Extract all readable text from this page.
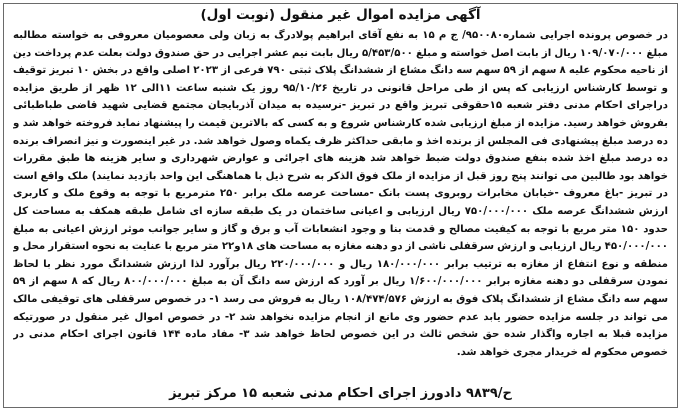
آگهی مزایده اموال غیر منقول (نوبت اول)

در خصوص پرونده اجرایی شماره۹۵۰۰۸۰/ ج م ۱۵ به نفع آقای ابراهیم پولادرگ به زبان ولی معصومیان معروفی به خواسته مطالبه مبلغ ۱۰۹/۰۷۰/۰۰۰ ریال از بابت اصل خواسته و مبلغ ۵/۴۵۳/۵۰۰ ریال بابت نیم عشر اجرایی در حق صندوق دولت بعلت عدم پرداخت دین از ناحیه محکوم علیه ۸ سهم از ۵۹ سهم سه دانگ مشاع از ششدانگ پلاک ثبتی ۷۹۰ فرعی از ۲۰۲۳ اصلی واقع در بخش ۱۰ تبریز توقیف و توسط کارشناس ارزیابی که پس از طی مراحل قانونی در تاریخ ۹۵/۱۰/۲۶ روز یک شنبه ساعت ۱۱الی ۱۲ ظهر از طریق مزایده دراجرای احکام مدنی دفتر شعبه ۱۵حقوقی تبریز واقع در تبریز -نرسیده به میدان آذربایجان مجتمع قضایی شهید قاضی طباطبائی بفروش خواهد رسید. مزایده از مبلغ ارزیابی شده کارشناس شروع و به کسی که بالاترین قیمت را پیشنهاد نماید فروخته خواهد شد و ده درصد مبلغ پیشنهادی فی المجلس از برنده اخذ و مابقی حداکثر ظرف یکماه وصول خواهد شد. در غیر اینصورت و نیز انصراف برنده ده درصد مبلغ اخذ شده بنفع صندوق دولت ضبط خواهد شد هزینه های اجرائی و عوارض شهرداری و سایر هزینه ها طبق مقررات خواهد بود طالبین می توانند پنج روز قبل از مزایده از ملک فوق الذکر به شرح ذیل با هماهنگی این واحد بازدید نمایند) ملک واقع است در تبریز -باغ معروف -خیابان مخابرات روبروی پست بانک -مساحت عرصه ملک برابر ۲۵۰ مترمربع با توجه به وقوع ملک و کاربری ارزش ششدانگ عرصه ملک ۷۵۰/۰۰۰/۰۰۰ ریال ارزیابی و اعیانی ساختمان در یک طبقه سازه ای شامل طبقه همکف به مساحت کل حدود ۱۵۰ متر مربع با توجه به کیفیت مصالح و قدمت بنا و وجود انشعابات آب و برق و گاز و سایر جوانب موثر ارزش اعیانی به مبلغ ۴۵۰/۰۰۰/۰۰۰ ریال ارزیابی و ارزش سرقفلی ناشی از دو دهنه مغازه به مساحت های ۱۸و۲۲ متر مربع با عنایت به نحوه استقرار محل و منطقه و نوع انتفاع از مغازه به ترتیب برابر ۱۸۰/۰۰۰/۰۰۰ ریال و ۲۲۰/۰۰۰/۰۰۰ ریال برآورد لذا ارزش ششدانگ مورد نظر با لحاظ نمودن سرقفلی دو دهنه مغازه برابر ۱/۶۰۰/۰۰۰/۰۰۰ ریال بر آورد که ارزش سه دانگ آن به مبلغ ۸۰۰/۰۰۰/۰۰۰ ریال که ۸ سهم از ۵۹ سهم سه دانگ مشاع از ششدانگ پلاک فوق به ارزش ۱۰۸/۴۷۴/۵۷۶ ریال به فروش می رسد ۱- در خصوص سرقفلی های توقیفی مالک می تواند در جلسه مزایده حضور یابد عدم حضور وی مانع از انجام مزایده نخواهد شد ۲- در خصوص اموال غیر منقول در صورتیکه مزایده قبلا به اجاره واگذار شده حق شخص ثالث در این خصوص لحاظ خواهد شد ۳- مفاد ماده ۱۴۴ قانون اجرای احکام مدنی در خصوص محکوم له خریدار مجری خواهد شد.

ح/۹۸۳۹ دادورز اجرای احکام مدنی شعبه ۱۵ مرکز تبریز
